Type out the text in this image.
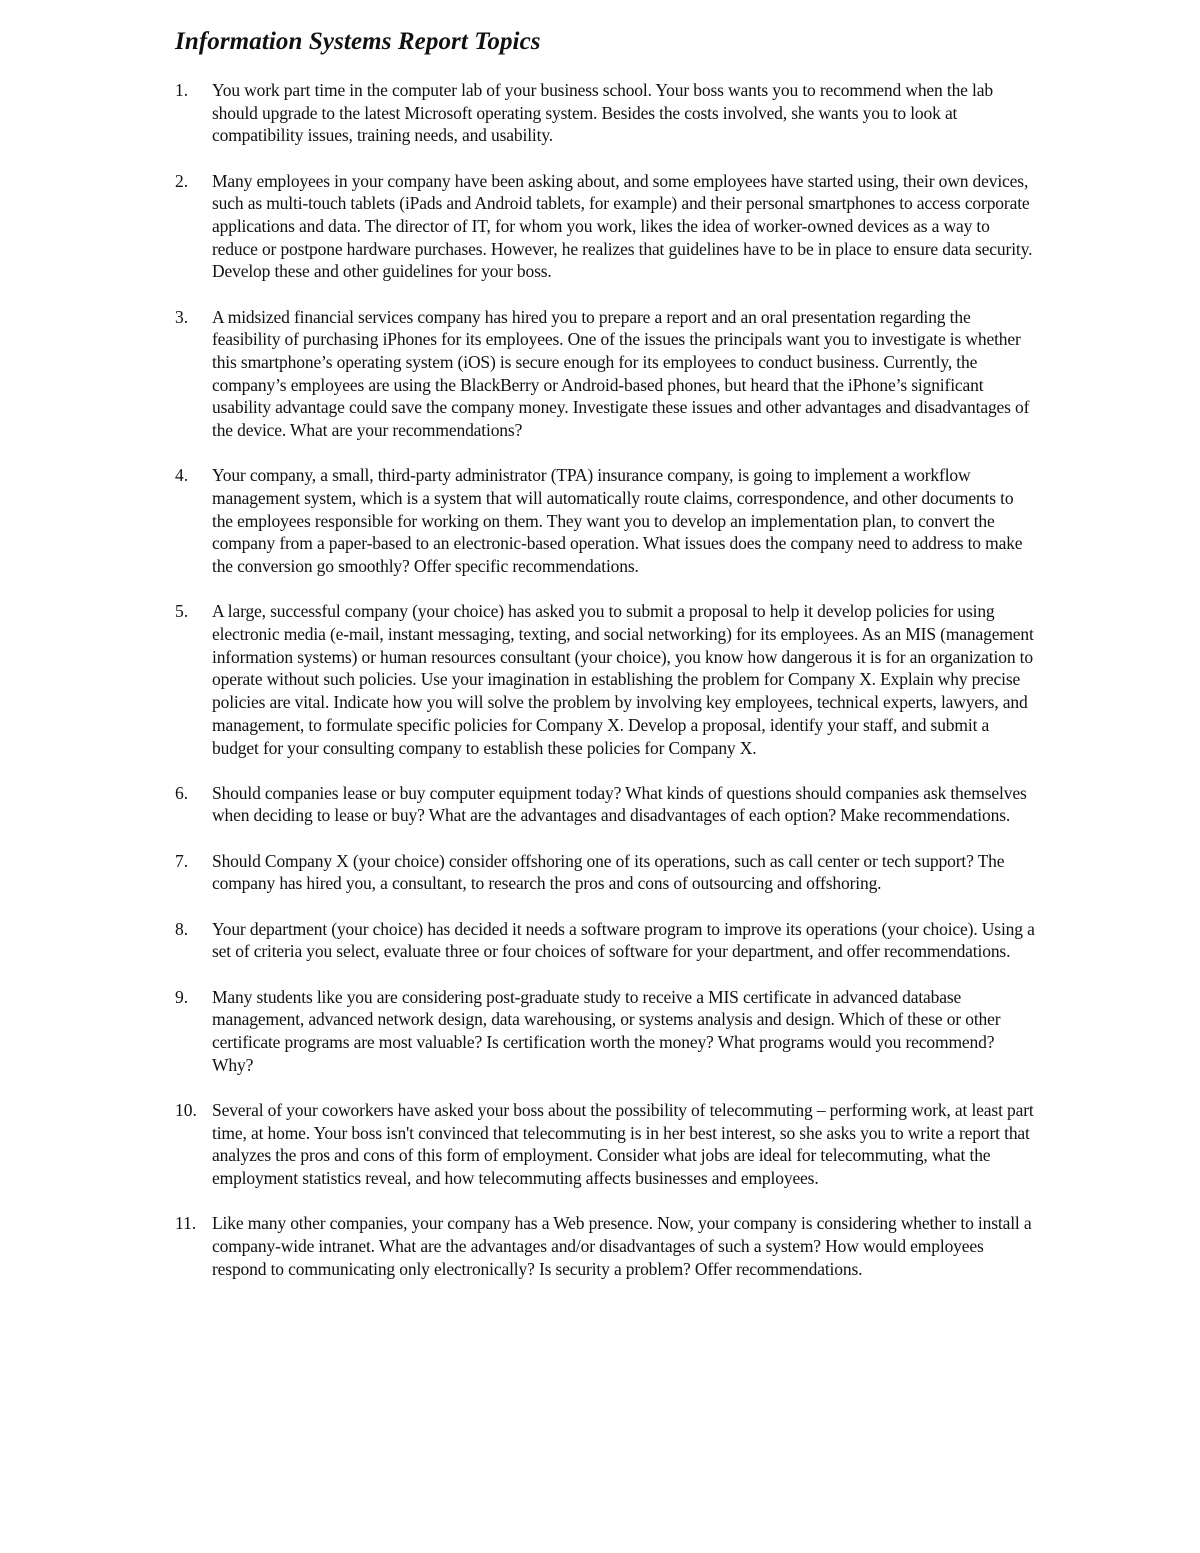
Information Systems Report Topics
1.	You work part time in the computer lab of your business school. Your boss wants you to recommend when the lab should upgrade to the latest Microsoft operating system. Besides the costs involved, she wants you to look at compatibility issues, training needs, and usability.
2.	Many employees in your company have been asking about, and some employees have started using, their own devices, such as multi-touch tablets (iPads and Android tablets, for example) and their personal smartphones to access corporate applications and data. The director of IT, for whom you work, likes the idea of worker-owned devices as a way to reduce or postpone hardware purchases. However, he realizes that guidelines have to be in place to ensure data security. Develop these and other guidelines for your boss.
3.	A midsized financial services company has hired you to prepare a report and an oral presentation regarding the feasibility of purchasing iPhones for its employees. One of the issues the principals want you to investigate is whether this smartphone’s operating system (iOS) is secure enough for its employees to conduct business. Currently, the company’s employees are using the BlackBerry or Android-based phones, but heard that the iPhone’s significant usability advantage could save the company money. Investigate these issues and other advantages and disadvantages of the device. What are your recommendations?
4.	Your company, a small, third-party administrator (TPA) insurance company, is going to implement a workflow management system, which is a system that will automatically route claims, correspondence, and other documents to the employees responsible for working on them. They want you to develop an implementation plan, to convert the company from a paper-based to an electronic-based operation. What issues does the company need to address to make the conversion go smoothly? Offer specific recommendations.
5.	A large, successful company (your choice) has asked you to submit a proposal to help it develop policies for using electronic media (e-mail, instant messaging, texting, and social networking) for its employees. As an MIS (management information systems) or human resources consultant (your choice), you know how dangerous it is for an organization to operate without such policies. Use your imagination in establishing the problem for Company X. Explain why precise policies are vital. Indicate how you will solve the problem by involving key employees, technical experts, lawyers, and management, to formulate specific policies for Company X. Develop a proposal, identify your staff, and submit a budget for your consulting company to establish these policies for Company X.
6.	Should companies lease or buy computer equipment today? What kinds of questions should companies ask themselves when deciding to lease or buy? What are the advantages and disadvantages of each option? Make recommendations.
7.	Should Company X (your choice) consider offshoring one of its operations, such as call center or tech support? The company has hired you, a consultant, to research the pros and cons of outsourcing and offshoring.
8.	Your department (your choice) has decided it needs a software program to improve its operations (your choice). Using a set of criteria you select, evaluate three or four choices of software for your department, and offer recommendations.
9.	Many students like you are considering post-graduate study to receive a MIS certificate in advanced database management, advanced network design, data warehousing, or systems analysis and design. Which of these or other certificate programs are most valuable? Is certification worth the money? What programs would you recommend? Why?
10. Several of your coworkers have asked your boss about the possibility of telecommuting – performing work, at least part time, at home. Your boss isn't convinced that telecommuting is in her best interest, so she asks you to write a report that analyzes the pros and cons of this form of employment. Consider what jobs are ideal for telecommuting, what the employment statistics reveal, and how telecommuting affects businesses and employees.
11. Like many other companies, your company has a Web presence. Now, your company is considering whether to install a company-wide intranet. What are the advantages and/or disadvantages of such a system? How would employees respond to communicating only electronically? Is security a problem? Offer recommendations.
